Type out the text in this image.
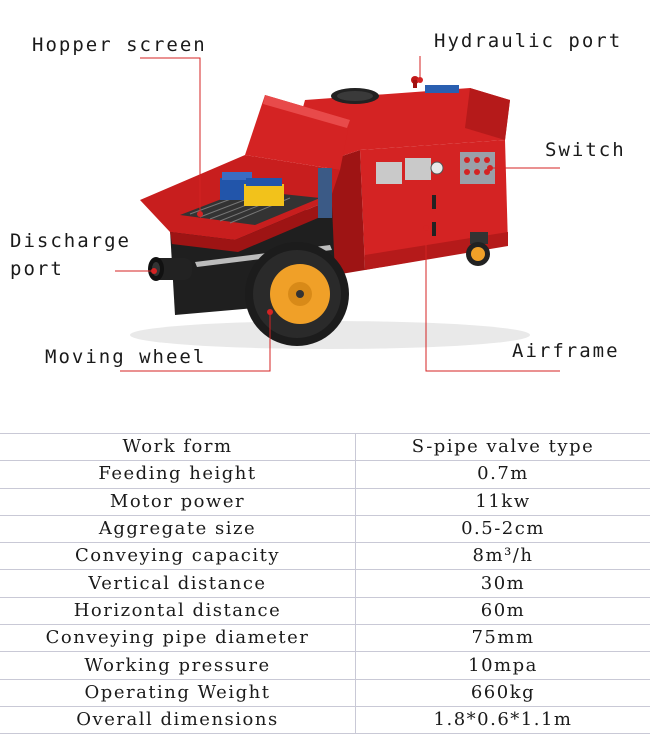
Hopper screen	Hydraulic port
Switch
Discharge
port
Moving wheel	Airframe
Work form	S-pipe valve type
Feeding height	0.7m
Motor power	11kw
Aggregate size	0.5-2cm
Conveying capacity	8m³/h
Vertical distance	30m
Horizontal distance	60m
Conveying pipe diameter	75mm
Working pressure	10mpa
Operating Weight	660kg
Overall dimensions	1.8*0.6*1.1m
